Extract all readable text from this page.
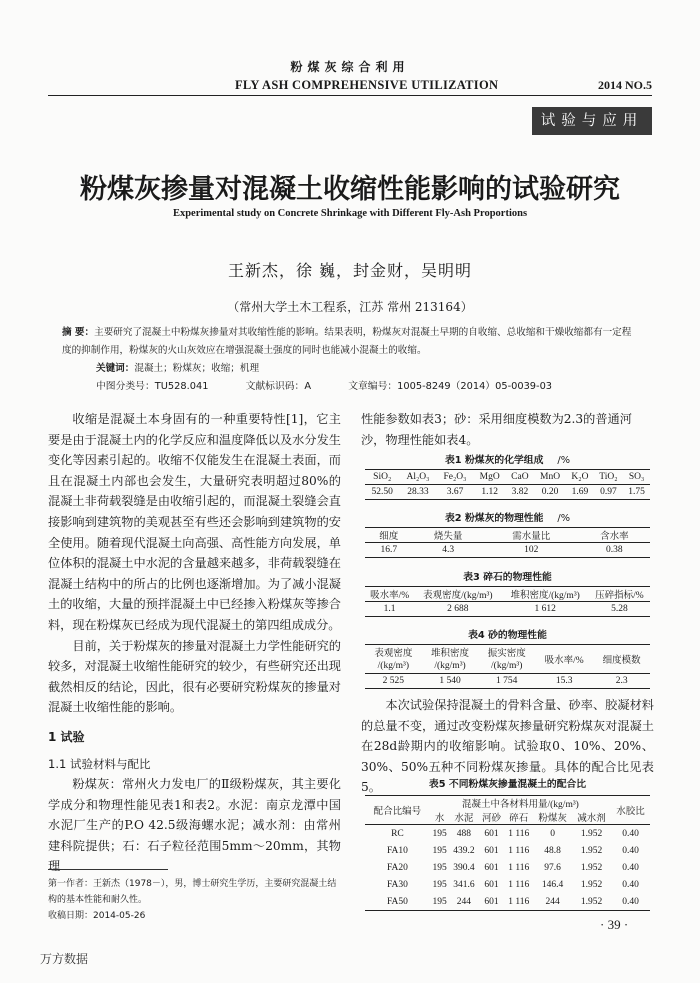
粉煤灰综合利用
FLY ASH COMPREHENSIVE UTILIZATION	2014 NO.5
试验与应用
粉煤灰掺量对混凝土收缩性能影响的试验研究
Experimental study on Concrete Shrinkage with Different Fly-Ash Proportions
王新杰，徐 巍，封金财，吴明明
（常州大学土木工程系，江苏 常州 213164）
摘 要：主要研究了混凝土中粉煤灰掺量对其收缩性能的影响。结果表明，粉煤灰对混凝土早期的自收缩、总收缩和干燥收缩都有一定程度的抑制作用，粉煤灰的火山灰效应在增强混凝土强度的同时也能减小混凝土的收缩。
关键词：混凝土；粉煤灰；收缩；机理
中图分类号：TU528.041	文献标识码：A	文章编号：1005-8249（2014）05-0039-03

收缩是混凝土本身固有的一种重要特性[1]，它主要是由于混凝土内的化学反应和温度降低以及水分发生变化等因素引起的。收缩不仅能发生在混凝土表面，而且在混凝土内部也会发生，大量研究表明超过80%的混凝土非荷载裂缝是由收缩引起的，而混凝土裂缝会直接影响到建筑物的美观甚至有些还会影响到建筑物的安全使用。随着现代混凝土向高强、高性能方向发展，单位体积的混凝土中水泥的含量越来越多，非荷载裂缝在混凝土结构中的所占的比例也逐渐增加。为了减小混凝土的收缩，大量的预拌混凝土中已经掺入粉煤灰等掺合料，现在粉煤灰已经成为现代混凝土的第四组成成分。

目前，关于粉煤灰的掺量对混凝土力学性能研究的较多，对混凝土收缩性能研究的较少，有些研究还出现截然相反的结论，因此，很有必要研究粉煤灰的掺量对混凝土收缩性能的影响。

1 试验
1.1 试验材料与配比

粉煤灰：常州火力发电厂的Ⅱ级粉煤灰，其主要化学成分和物理性能见表1和表2。水泥：南京龙潭中国水泥厂生产的P.O 42.5级海螺水泥；减水剂：由常州建科院提供；石：石子粒径范围5mm～20mm，其物理

第一作者：王新杰（1978－），男，博士研究生学历，主要研究混凝土结构的基本性能和耐久性。
收稿日期：2014-05-26

性能参数如表3；砂：采用细度模数为2.3的普通河沙，物理性能如表4。

表1 粉煤灰的化学组成 /%
SiO₂	Al₂O₃	Fe₂O₃	MgO	CaO	MnO	K₂O	TiO₂	SO₃
52.50	28.33	3.67	1.12	3.82	0.20	1.69	0.97	1.75
表2 粉煤灰的物理性能 /%
细度	烧失量	需水量比	含水率
16.7	4.3	102	0.38
表3 碎石的物理性能
吸水率/%	表观密度/(kg/m³)	堆积密度/(kg/m³)	压碎指标/%
1.1	2 688	1 612	5.28
表4 砂的物理性能
表观密度	堆积密度	振实密度	吸水率/%	细度模数
/(kg/m³)	/(kg/m³)	/(kg/m³)		
2 525	1 540	1 754	15.3	2.3

本次试验保持混凝土的骨料含量、砂率、胶凝材料的总量不变，通过改变粉煤灰掺量研究粉煤灰对混凝土在28d龄期内的收缩影响。试验取0、10%、20%、30%、50%五种不同粉煤灰掺量。具体的配合比见表5。	表5 不同粉煤灰掺量混凝土的配合比
配合比编号	混凝土中各材料用量/(kg/m³)						水胶比
	水	水泥	河砂	碎石	粉煤灰	减水剂	
RC	195	488	601	1 116	0	1.952	0.40
FA10	195	439.2	601	1 116	48.8	1.952	0.40
FA20	195	390.4	601	1 116	97.6	1.952	0.40
FA30	195	341.6	601	1 116	146.4	1.952	0.40
FA50	195	244	601	1 116	244	1.952	0.40
· 39 ·
万方数据
